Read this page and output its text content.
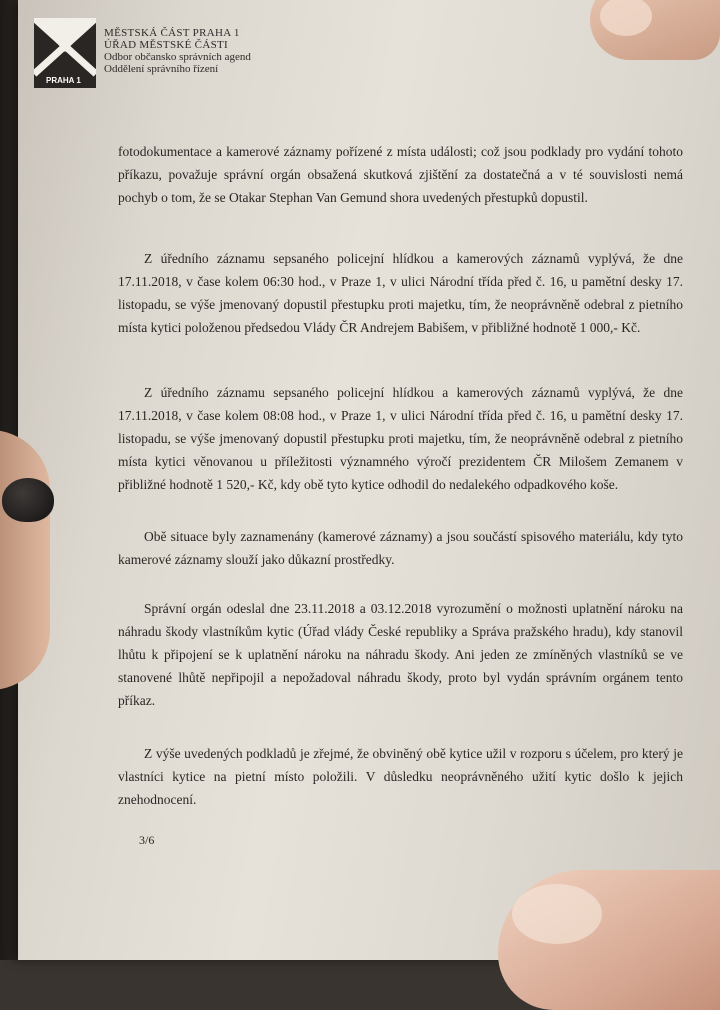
PRAHA 1
MĚSTSKÁ ČÁST PRAHA 1
ÚŘAD MĚSTSKÉ ČÁSTI
Odbor občansko správních agend
Oddělení správního řízení

fotodokumentace a kamerové záznamy pořízené z místa události; což jsou podklady pro vydání tohoto příkazu, považuje správní orgán obsažená skutková zjištění za dostatečná a v té souvislosti nemá pochyb o tom, že se Otakar Stephan Van Gemund shora uvedených přestupků dopustil.

Z úředního záznamu sepsaného policejní hlídkou a kamerových záznamů vyplývá, že dne 17.11.2018, v čase kolem 06:30 hod., v Praze 1, v ulici Národní třída před č. 16, u pamětní desky 17. listopadu, se výše jmenovaný dopustil přestupku proti majetku, tím, že neoprávněně odebral z pietního místa kytici položenou předsedou Vlády ČR Andrejem Babišem, v přibližné hodnotě 1 000,- Kč.

Z úředního záznamu sepsaného policejní hlídkou a kamerových záznamů vyplývá, že dne 17.11.2018, v čase kolem 08:08 hod., v Praze 1, v ulici Národní třída před č. 16, u pamětní desky 17. listopadu, se výše jmenovaný dopustil přestupku proti majetku, tím, že neoprávněně odebral z pietního místa kytici věnovanou u příležitosti významného výročí prezidentem ČR Milošem Zemanem v přibližné hodnotě 1 520,- Kč, kdy obě tyto kytice odhodil do nedalekého odpadkového koše.

Obě situace byly zaznamenány (kamerové záznamy) a jsou součástí spisového materiálu, kdy tyto kamerové záznamy slouží jako důkazní prostředky.

Správní orgán odeslal dne 23.11.2018 a 03.12.2018 vyrozumění o možnosti uplatnění nároku na náhradu škody vlastníkům kytic (Úřad vlády České republiky a Správa pražského hradu), kdy stanovil lhůtu k připojení se k uplatnění nároku na náhradu škody. Ani jeden ze zmíněných vlastníků se ve stanovené lhůtě nepřipojil a nepožadoval náhradu škody, proto byl vydán správním orgánem tento příkaz.

Z výše uvedených podkladů je zřejmé, že obviněný obě kytice užil v rozporu s účelem, pro který je vlastníci kytice na pietní místo položili. V důsledku neoprávněného užití kytic došlo k jejich znehodnocení.

3/6
